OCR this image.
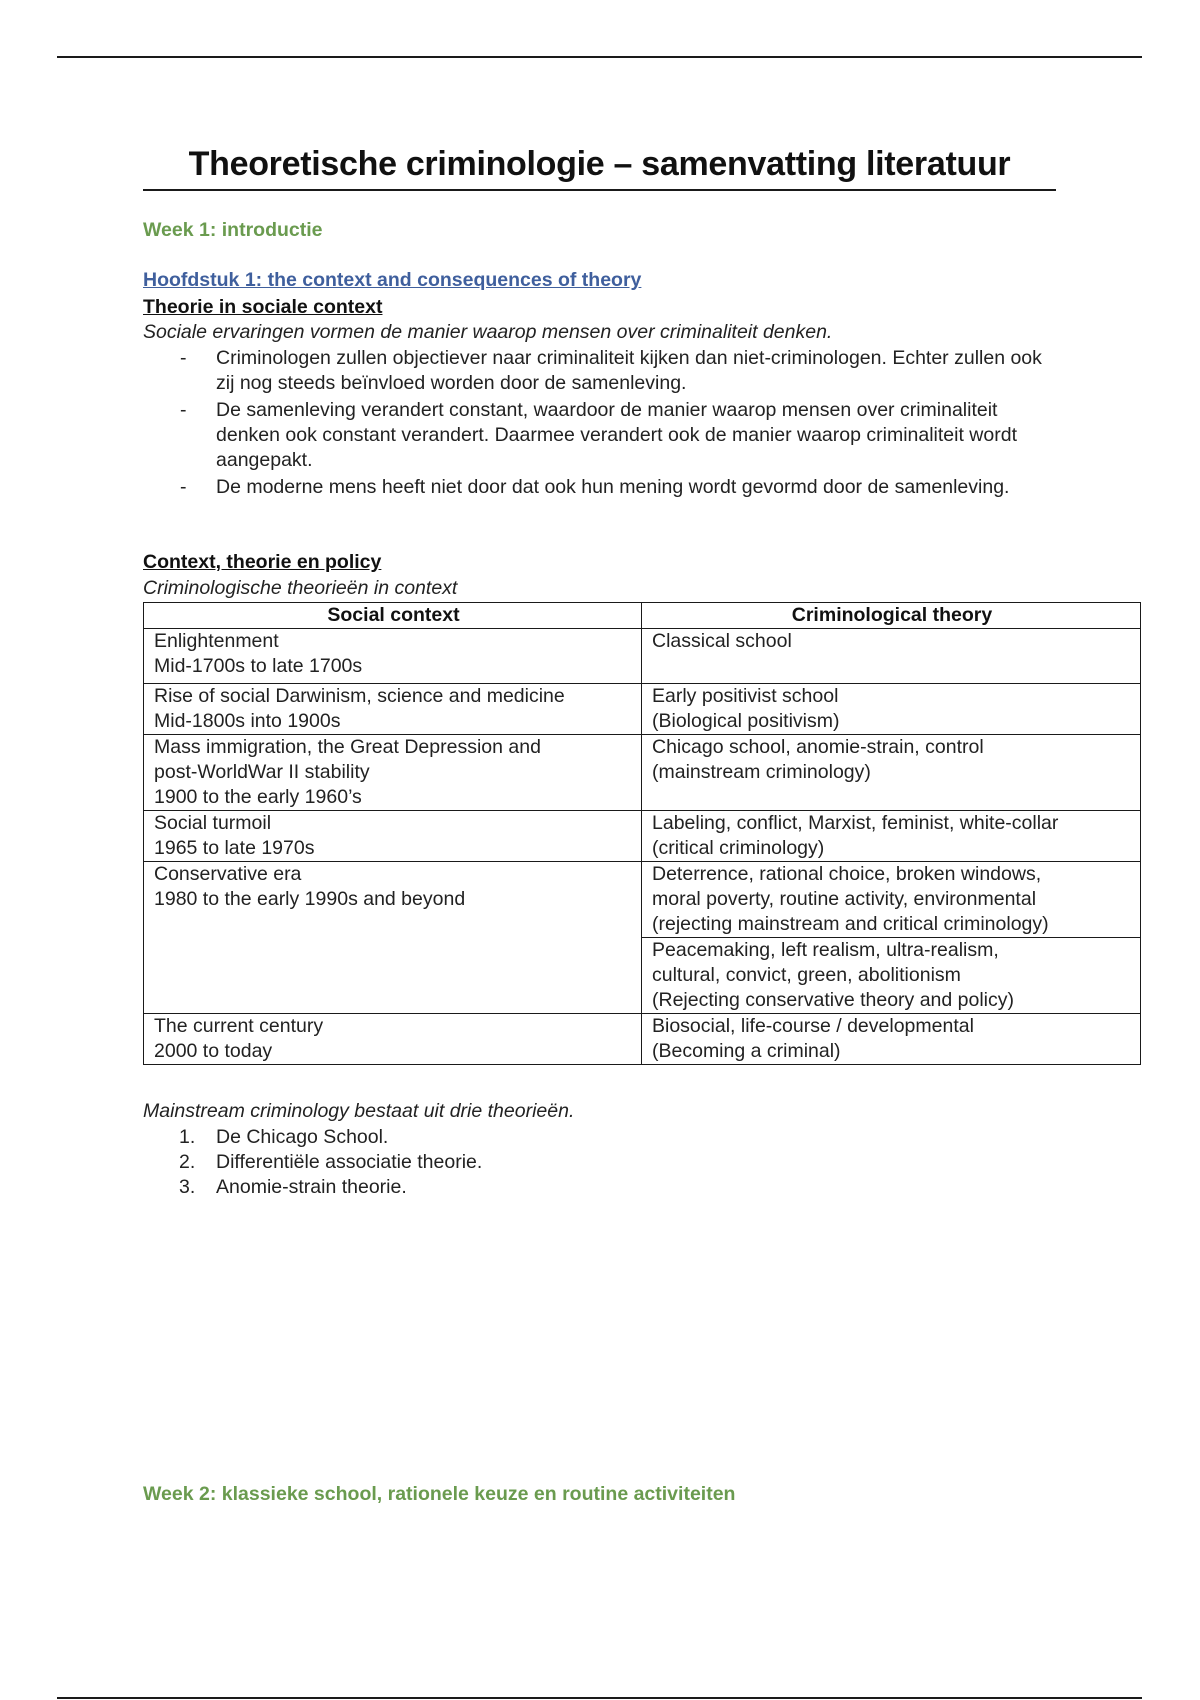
Theoretische criminologie – samenvatting literatuur
Week 1: introductie
Hoofdstuk 1: the context and consequences of theory
Theorie in sociale context
Sociale ervaringen vormen de manier waarop mensen over criminaliteit denken.
- Criminologen zullen objectiever naar criminaliteit kijken dan niet-criminologen. Echter zullen ook zij nog steeds beïnvloed worden door de samenleving.
- De samenleving verandert constant, waardoor de manier waarop mensen over criminaliteit denken ook constant verandert. Daarmee verandert ook de manier waarop criminaliteit wordt aangepakt.
- De moderne mens heeft niet door dat ook hun mening wordt gevormd door de samenleving.
Context, theorie en policy
Criminologische theorieën in context
Social context	Criminological theory

Enlightenment
Mid-1700s to late 1700s	Classical school

Rise of social Darwinism, science and medicine
Mid-1800s into 1900s	Early positivist school
(Biological positivism)

Mass immigration, the Great Depression and
post-WorldWar II stability
1900 to the early 1960’s	Chicago school, anomie-strain, control
(mainstream criminology)

Social turmoil
1965 to late 1970s	Labeling, conflict, Marxist, feminist, white-collar
(critical criminology)

Conservative era
1980 to the early 1990s and beyond	Deterrence, rational choice, broken windows,
moral poverty, routine activity, environmental
(rejecting mainstream and critical criminology)

	Peacemaking, left realism, ultra-realism,
cultural, convict, green, abolitionism
(Rejecting conservative theory and policy)

The current century
2000 to today	Biosocial, life-course / developmental
(Becoming a criminal)
Mainstream criminology bestaat uit drie theorieën.
1. De Chicago School.
2. Differentiële associatie theorie.
3. Anomie-strain theorie.
Week 2: klassieke school, rationele keuze en routine activiteiten
